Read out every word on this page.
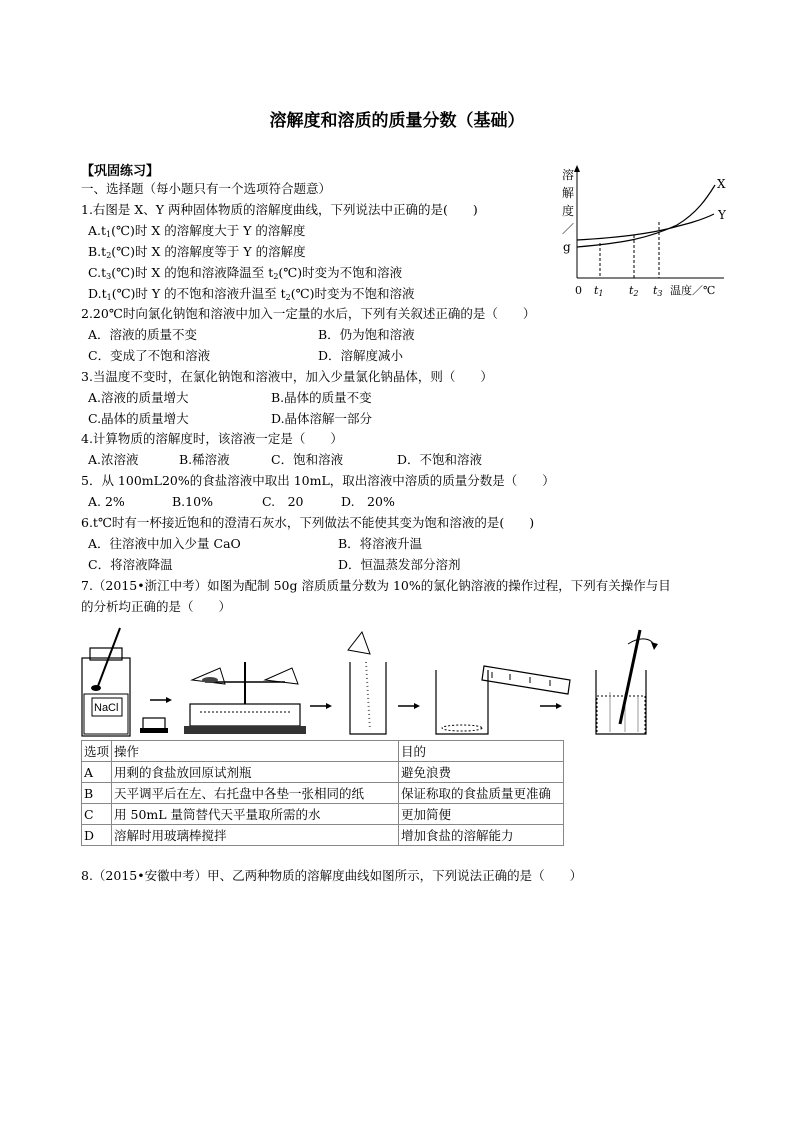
溶解度和溶质的质量分数（基础）
【巩固练习】
一、选择题（每小题只有一个选项符合题意）
1.右图是 X、Y 两种固体物质的溶解度曲线，下列说法中正确的是(　　)
$A.t_1(℃)$时 X 的溶解度大于 Y 的溶解度
$B.t_2(℃)$时 X 的溶解度等于 Y 的溶解度
$C.t_3(℃)$时 X 的饱和溶液降温至 $t_2(℃)$时变为不饱和溶液
$D.t_1(℃)$时 Y 的不饱和溶液升温至 $t_2(℃)$时变为不饱和溶液
溶
解
度
／
g
X
Y
0 t1 t2 t3 温度／℃
2.20℃时向氯化钠饱和溶液中加入一定量的水后，下列有关叙述正确的是（　　）
A．溶液的质量不变	B．仍为饱和溶液
C．变成了不饱和溶液	D．溶解度减小
3.当温度不变时，在氯化钠饱和溶液中，加入少量氯化钠晶体，则（　　）
A.溶液的质量增大	B.晶体的质量不变
C.晶体的质量增大	D.晶体溶解一部分
4.计算物质的溶解度时，该溶液一定是（　　）
A.浓溶液	B.稀溶液	C．饱和溶液	D．不饱和溶液
5．从 100mL20%的食盐溶液中取出 10mL，取出溶液中溶质的质量分数是（　　）
A. 2%	B.10%	C.　20	D.　20%
6.t℃时有一杯接近饱和的澄清石灰水，下列做法不能使其变为饱和溶液的是(　　)
A．往溶液中加入少量 CaO	B．将溶液升温
C．将溶液降温	D．恒温蒸发部分溶剂
7.（2015•浙江中考）如图为配制 50g 溶质质量分数为 10%的氯化钠溶液的操作过程，下列有关操作与目
的分析均正确的是（　　）
NaCl
选项	操作	目的
A	用剩的食盐放回原试剂瓶	避免浪费
B	天平调平后在左、右托盘中各垫一张相同的纸	保证称取的食盐质量更准确
C	用 50mL 量筒替代天平量取所需的水	更加简便
D	溶解时用玻璃棒搅拌	增加食盐的溶解能力
8.（2015•安徽中考）甲、乙两种物质的溶解度曲线如图所示，下列说法正确的是（　　）
